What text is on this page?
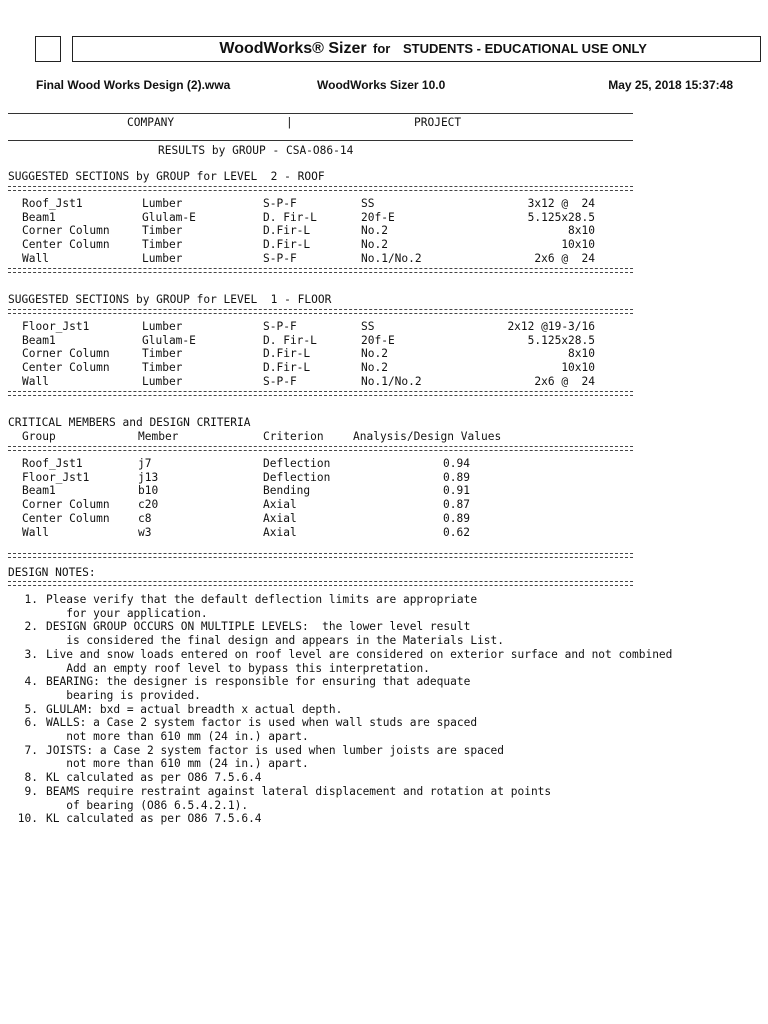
WoodWorks® Sizer for STUDENTS - EDUCATIONAL USE ONLY
Final Wood Works Design (2).wwa	WoodWorks Sizer 10.0	May 25, 2018 15:37:48
COMPANY	|	PROJECT
RESULTS by GROUP - CSA-O86-14
SUGGESTED SECTIONS by GROUP for LEVEL  2 - ROOF
Roof_Jst1	Lumber	S-P-F	SS	3x12 @  24
Beam1	Glulam-E	D. Fir-L	20f-E	5.125x28.5
Corner Column	Timber	D.Fir-L	No.2	8x10
Center Column	Timber	D.Fir-L	No.2	10x10
Wall	Lumber	S-P-F	No.1/No.2	2x6 @  24
SUGGESTED SECTIONS by GROUP for LEVEL  1 - FLOOR
Floor_Jst1	Lumber	S-P-F	SS	2x12 @19-3/16
Beam1	Glulam-E	D. Fir-L	20f-E	5.125x28.5
Corner Column	Timber	D.Fir-L	No.2	8x10
Center Column	Timber	D.Fir-L	No.2	10x10
Wall	Lumber	S-P-F	No.1/No.2	2x6 @  24
CRITICAL MEMBERS and DESIGN CRITERIA
Group	Member	Criterion	Analysis/Design Values
Roof_Jst1	j7	Deflection	0.94
Floor_Jst1	j13	Deflection	0.89
Beam1	b10	Bending	0.91
Corner Column	c20	Axial	0.87
Center Column	c8	Axial	0.89
Wall	w3	Axial	0.62
DESIGN NOTES:
1. Please verify that the default deflection limits are appropriate
for your application.
2. DESIGN GROUP OCCURS ON MULTIPLE LEVELS:  the lower level result
is considered the final design and appears in the Materials List.
3. Live and snow loads entered on roof level are considered on exterior surface and not combined
Add an empty roof level to bypass this interpretation.
4. BEARING: the designer is responsible for ensuring that adequate
bearing is provided.
5. GLULAM: bxd = actual breadth x actual depth.
6. WALLS: a Case 2 system factor is used when wall studs are spaced
not more than 610 mm (24 in.) apart.
7. JOISTS: a Case 2 system factor is used when lumber joists are spaced
not more than 610 mm (24 in.) apart.
8. KL calculated as per O86 7.5.6.4
9. BEAMS require restraint against lateral displacement and rotation at points
of bearing (O86 6.5.4.2.1).
10. KL calculated as per O86 7.5.6.4
